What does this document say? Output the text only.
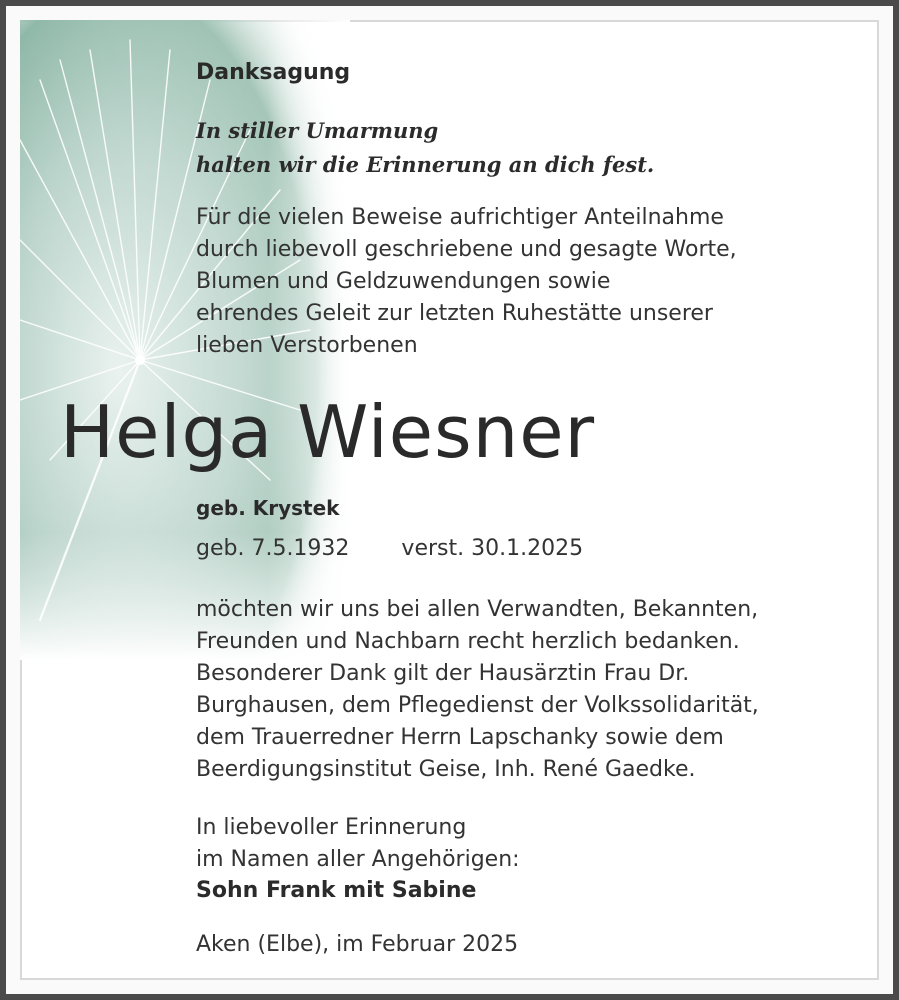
Danksagung
In stiller Umarmung
halten wir die Erinnerung an dich fest.
Für die vielen Beweise aufrichtiger Anteilnahme
durch liebevoll geschriebene und gesagte Worte,
Blumen und Geldzuwendungen sowie
ehrendes Geleit zur letzten Ruhestätte unserer
lieben Verstorbenen
Helga Wiesner
geb. Krystek
geb. 7.5.1932 verst. 30.1.2025
möchten wir uns bei allen Verwandten, Bekannten,
Freunden und Nachbarn recht herzlich bedanken.
Besonderer Dank gilt der Hausärztin Frau Dr.
Burghausen, dem Pflegedienst der Volkssolidarität,
dem Trauerredner Herrn Lapschanky sowie dem
Beerdigungsinstitut Geise, Inh. René Gaedke.
In liebevoller Erinnerung
im Namen aller Angehörigen:
Sohn Frank mit Sabine
Aken (Elbe), im Februar 2025
